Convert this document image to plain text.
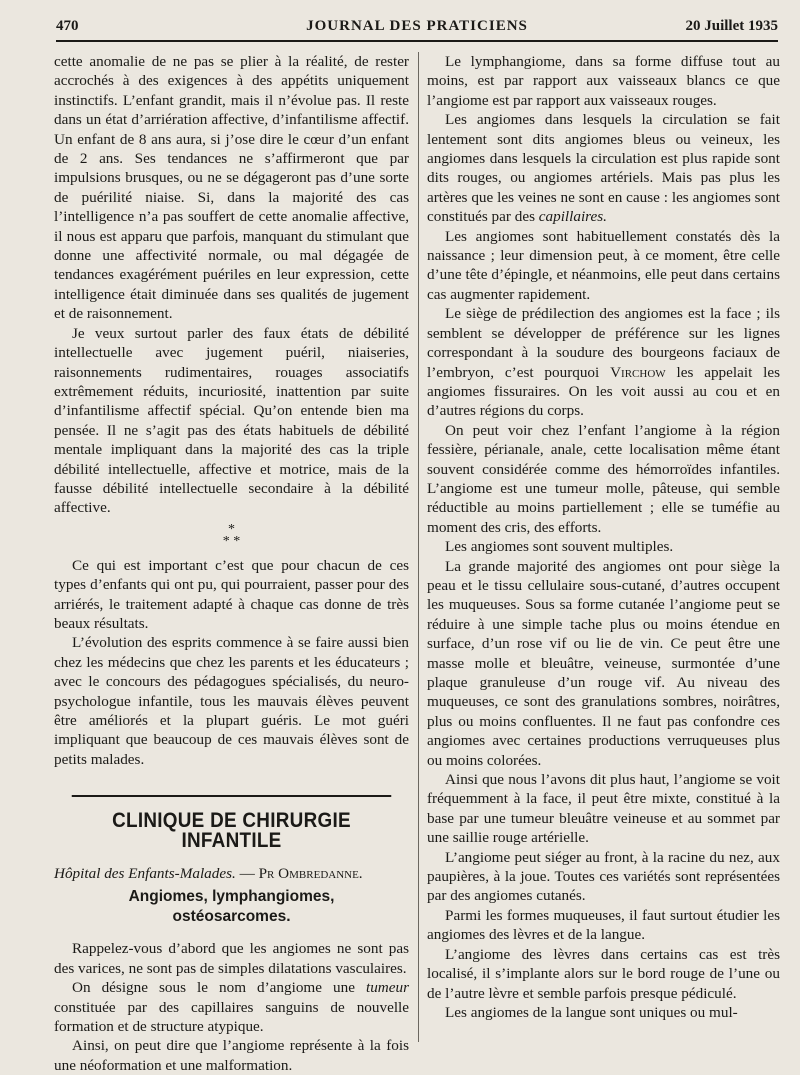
470	JOURNAL DES PRATICIENS	20 Juillet 1935

cette anomalie de ne pas se plier à la réalité, de rester accrochés à des exigences à des appétits uniquement instinctifs. L’enfant grandit, mais il n’évolue pas. Il reste dans un état d’arriération affective, d’infantilisme affectif. Un enfant de 8 ans aura, si j’ose dire le cœur d’un enfant de 2 ans. Ses tendances ne s’affirmeront que par impulsions brusques, ou ne se dégageront pas d’une sorte de puérilité niaise. Si, dans la majorité des cas l’intelligence n’a pas souffert de cette anomalie affective, il nous est apparu que parfois, manquant du stimulant que donne une affectivité normale, ou mal dégagée de tendances exagérément puériles en leur expression, cette intelligence était diminuée dans ses qualités de jugement et de raisonnement.

Je veux surtout parler des faux états de débilité intellectuelle avec jugement puéril, niaiseries, raisonnements rudimentaires, rouages associatifs extrêmement réduits, incuriosité, inattention par suite d’infantilisme affectif spécial. Qu’on entende bien ma pensée. Il ne s’agit pas des états habituels de débilité mentale impliquant dans la majorité des cas la triple débilité intellectuelle, affective et motrice, mais de la fausse débilité intellectuelle secondaire à la débilité affective.

*
* *

Ce qui est important c’est que pour chacun de ces types d’enfants qui ont pu, qui pourraient, passer pour des arriérés, le traitement adapté à chaque cas donne de très beaux résultats.

L’évolution des esprits commence à se faire aussi bien chez les médecins que chez les parents et les éducateurs ; avec le concours des pédagogues spécialisés, du neuro-psychologue infantile, tous les mauvais élèves peuvent être améliorés et la plupart guéris. Le mot guéri impliquant que beaucoup de ces mauvais élèves sont de petits malades.

CLINIQUE DE CHIRURGIE INFANTILE

Hôpital des Enfants-Malades. — Pr Ombredanne.

Angiomes, lymphangiomes,
ostéosarcomes.

Rappelez-vous d’abord que les angiomes ne sont pas des varices, ne sont pas de simples dilatations vasculaires.

On désigne sous le nom d’angiome une tumeur constituée par des capillaires sanguins de nouvelle formation et de structure atypique.

Ainsi, on peut dire que l’angiome représente à la fois une néoformation et une malformation.

Le lymphangiome, dans sa forme diffuse tout au moins, est par rapport aux vaisseaux blancs ce que l’angiome est par rapport aux vaisseaux rouges.

Les angiomes dans lesquels la circulation se fait lentement sont dits angiomes bleus ou veineux, les angiomes dans lesquels la circulation est plus rapide sont dits rouges, ou angiomes artériels. Mais pas plus les artères que les veines ne sont en cause : les angiomes sont constitués par des capillaires.

Les angiomes sont habituellement constatés dès la naissance ; leur dimension peut, à ce moment, être celle d’une tête d’épingle, et néanmoins, elle peut dans certains cas augmenter rapidement.

Le siège de prédilection des angiomes est la face ; ils semblent se développer de préférence sur les lignes correspondant à la soudure des bourgeons faciaux de l’embryon, c’est pourquoi Virchow les appelait les angiomes fissuraires. On les voit aussi au cou et en d’autres régions du corps.

On peut voir chez l’enfant l’angiome à la région fessière, périanale, anale, cette localisation même étant souvent considérée comme des hémorroïdes infantiles. L’angiome est une tumeur molle, pâteuse, qui semble réductible au moins partiellement ; elle se tuméfie au moment des cris, des efforts.

Les angiomes sont souvent multiples.

La grande majorité des angiomes ont pour siège la peau et le tissu cellulaire sous-cutané, d’autres occupent les muqueuses. Sous sa forme cutanée l’angiome peut se réduire à une simple tache plus ou moins étendue en surface, d’un rose vif ou lie de vin. Ce peut être une masse molle et bleuâtre, veineuse, surmontée d’une plaque granuleuse d’un rouge vif. Au niveau des muqueuses, ce sont des granulations sombres, noirâtres, plus ou moins confluentes. Il ne faut pas confondre ces angiomes avec certaines productions verruqueuses plus ou moins colorées.

Ainsi que nous l’avons dit plus haut, l’angiome se voit fréquemment à la face, il peut être mixte, constitué à la base par une tumeur bleuâtre veineuse et au sommet par une saillie rouge artérielle.

L’angiome peut siéger au front, à la racine du nez, aux paupières, à la joue. Toutes ces variétés sont représentées par des angiomes cutanés.

Parmi les formes muqueuses, il faut surtout étudier les angiomes des lèvres et de la langue.

L’angiome des lèvres dans certains cas est très localisé, il s’implante alors sur le bord rouge de l’une ou de l’autre lèvre et semble parfois presque pédiculé.

Les angiomes de la langue sont uniques ou mul-
